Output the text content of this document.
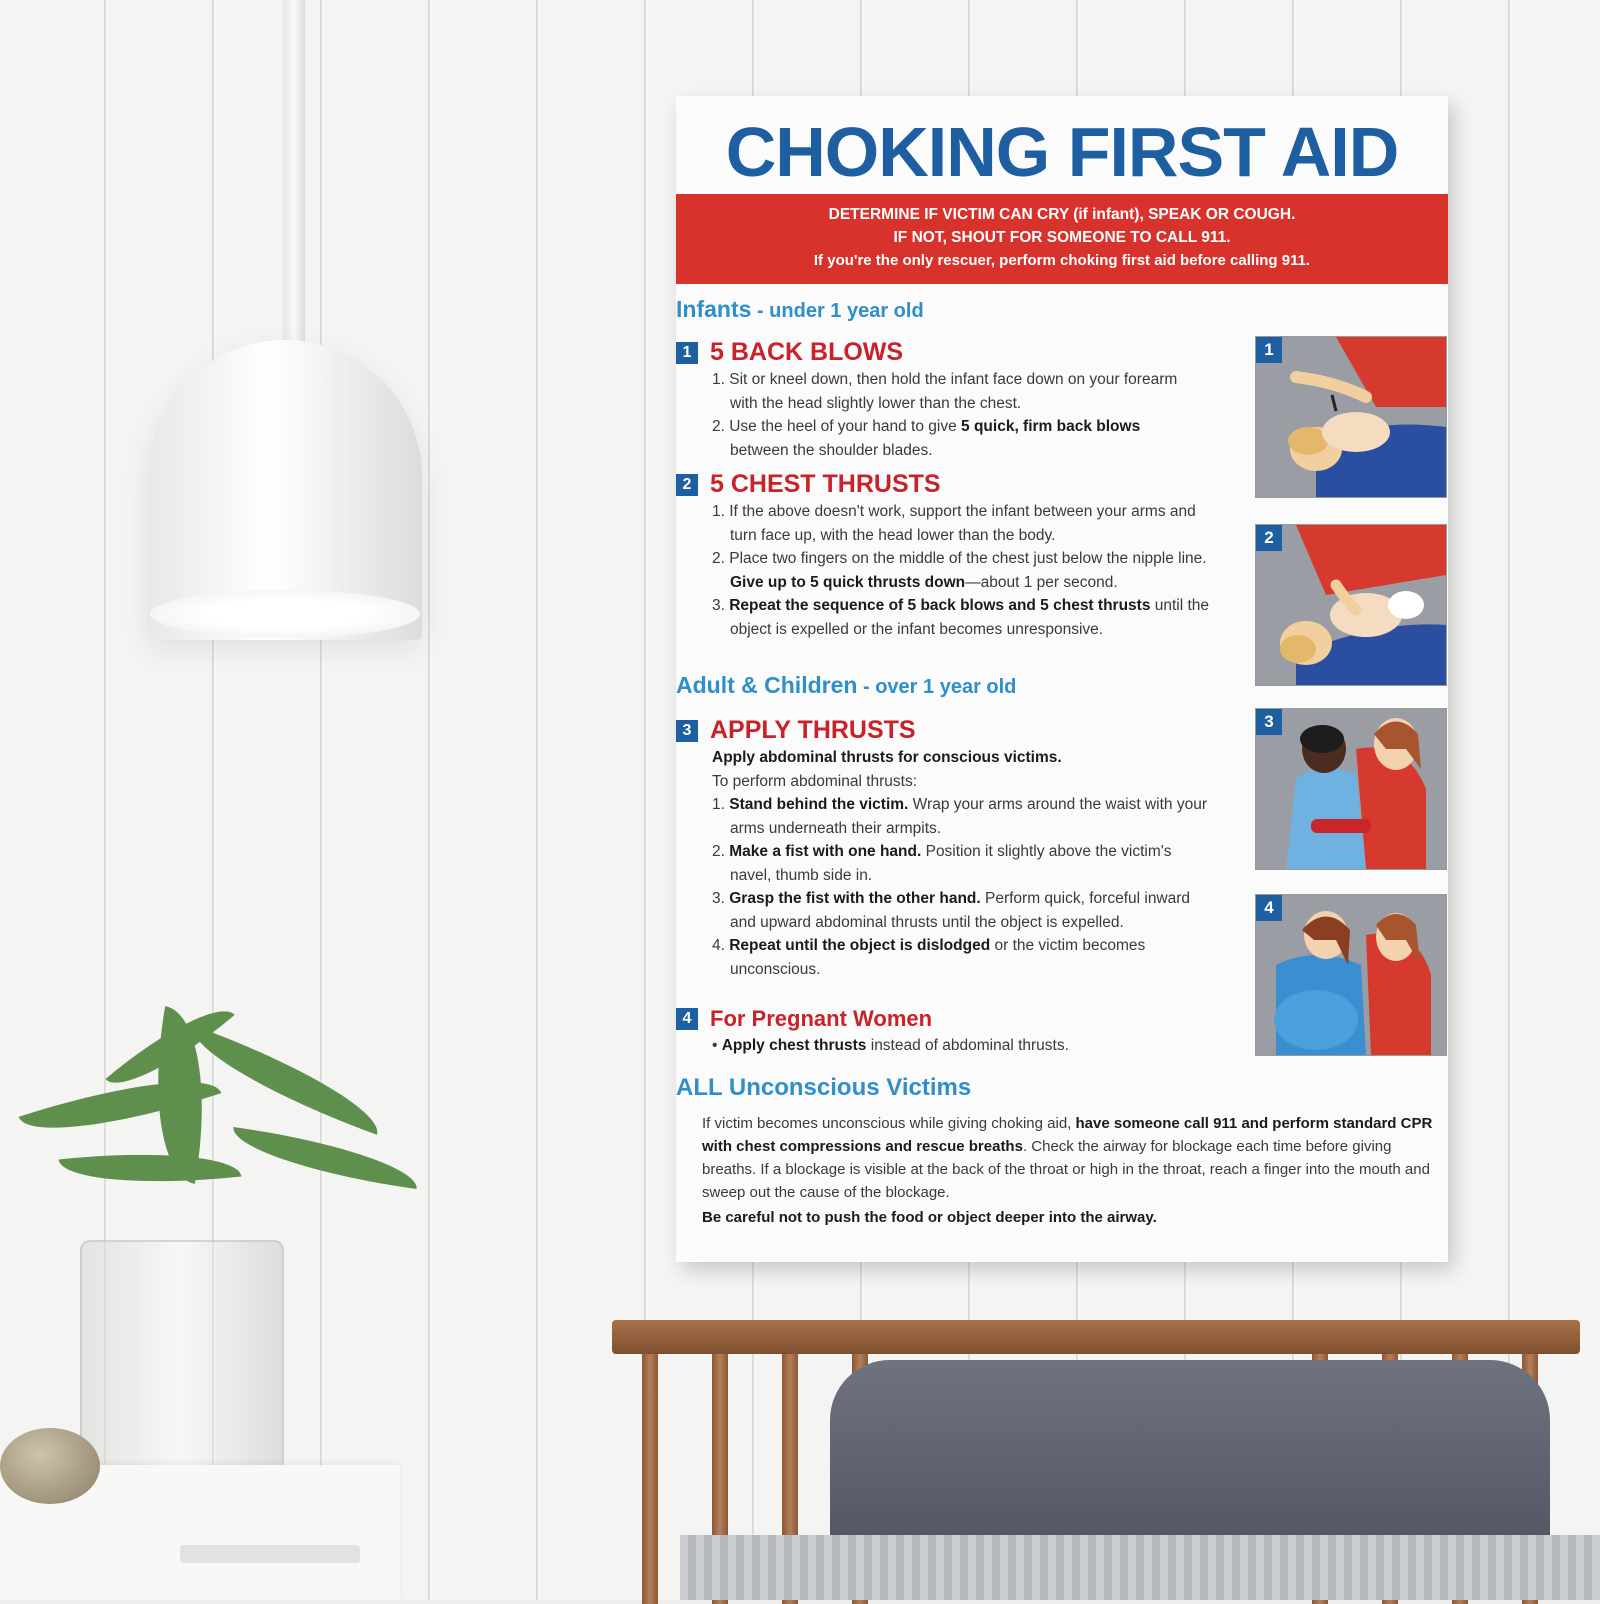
CHOKING FIRST AID
DETERMINE IF VICTIM CAN CRY (if infant), SPEAK OR COUGH.
IF NOT, SHOUT FOR SOMEONE TO CALL 911.
If you're the only rescuer, perform choking first aid before calling 911.
Infants - under 1 year old
1 5 BACK BLOWS
1. Sit or kneel down, then hold the infant face down on your forearm with the head slightly lower than the chest.
2. Use the heel of your hand to give 5 quick, firm back blows between the shoulder blades.
2 5 CHEST THRUSTS
1. If the above doesn't work, support the infant between your arms and turn face up, with the head lower than the body.
2. Place two fingers on the middle of the chest just below the nipple line. Give up to 5 quick thrusts down—about 1 per second.
3. Repeat the sequence of 5 back blows and 5 chest thrusts until the object is expelled or the infant becomes unresponsive.
Adult & Children - over 1 year old
3 APPLY THRUSTS
Apply abdominal thrusts for conscious victims.
To perform abdominal thrusts:
1. Stand behind the victim. Wrap your arms around the waist with your arms underneath their armpits.
2. Make a fist with one hand. Position it slightly above the victim's navel, thumb side in.
3. Grasp the fist with the other hand. Perform quick, forceful inward and upward abdominal thrusts until the object is expelled.
4. Repeat until the object is dislodged or the victim becomes unconscious.
4 For Pregnant Women
• Apply chest thrusts instead of abdominal thrusts.
ALL Unconscious Victims
If victim becomes unconscious while giving choking aid, have someone call 911 and perform standard CPR with chest compressions and rescue breaths. Check the airway for blockage each time before giving breaths. If a blockage is visible at the back of the throat or high in the throat, reach a finger into the mouth and sweep out the cause of the blockage.
Be careful not to push the food or object deeper into the airway.
1
2
3
4
